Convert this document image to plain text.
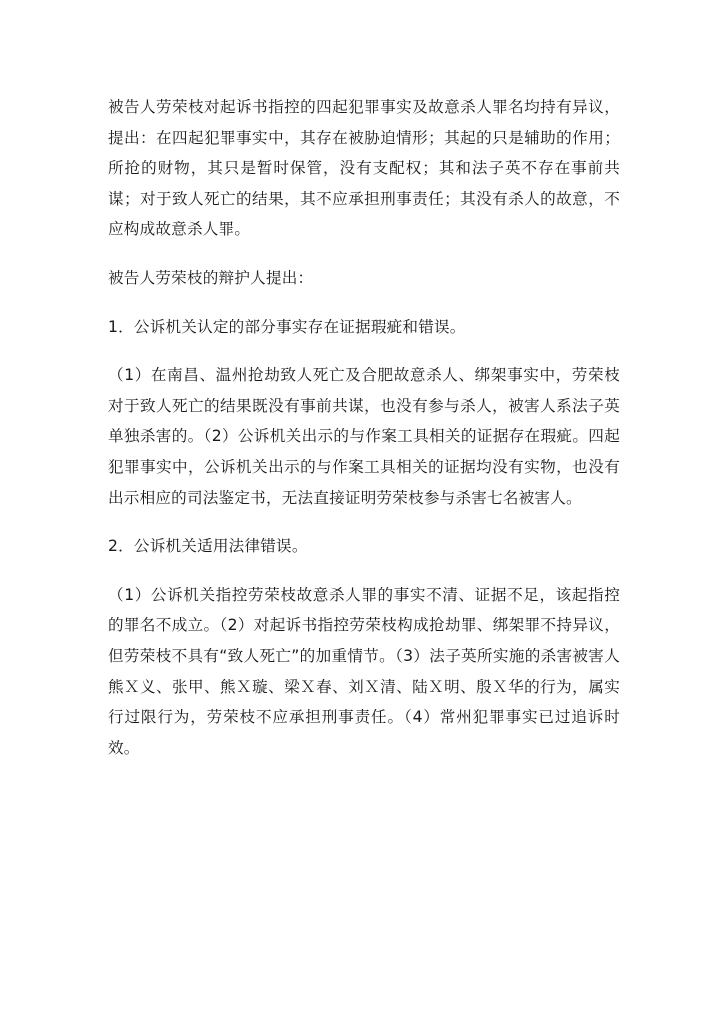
被告人劳荣枝对起诉书指控的四起犯罪事实及故意杀人罪名均持有异议，提出：在四起犯罪事实中，其存在被胁迫情形；其起的只是辅助的作用；所抢的财物，其只是暂时保管，没有支配权；其和法子英不存在事前共谋；对于致人死亡的结果，其不应承担刑事责任；其没有杀人的故意，不应构成故意杀人罪。

被告人劳荣枝的辩护人提出：

1．公诉机关认定的部分事实存在证据瑕疵和错误。

（1）在南昌、温州抢劫致人死亡及合肥故意杀人、绑架事实中，劳荣枝对于致人死亡的结果既没有事前共谋，也没有参与杀人，被害人系法子英单独杀害的。（2）公诉机关出示的与作案工具相关的证据存在瑕疵。四起犯罪事实中，公诉机关出示的与作案工具相关的证据均没有实物，也没有出示相应的司法鉴定书，无法直接证明劳荣枝参与杀害七名被害人。

2．公诉机关适用法律错误。

（1）公诉机关指控劳荣枝故意杀人罪的事实不清、证据不足，该起指控的罪名不成立。（2）对起诉书指控劳荣枝构成抢劫罪、绑架罪不持异议，但劳荣枝不具有“致人死亡”的加重情节。（3）法子英所实施的杀害被害人熊Ｘ义、张甲、熊Ｘ璇、梁Ｘ春、刘Ｘ清、陆Ｘ明、殷Ｘ华的行为，属实行过限行为，劳荣枝不应承担刑事责任。（4）常州犯罪事实已过追诉时效。
